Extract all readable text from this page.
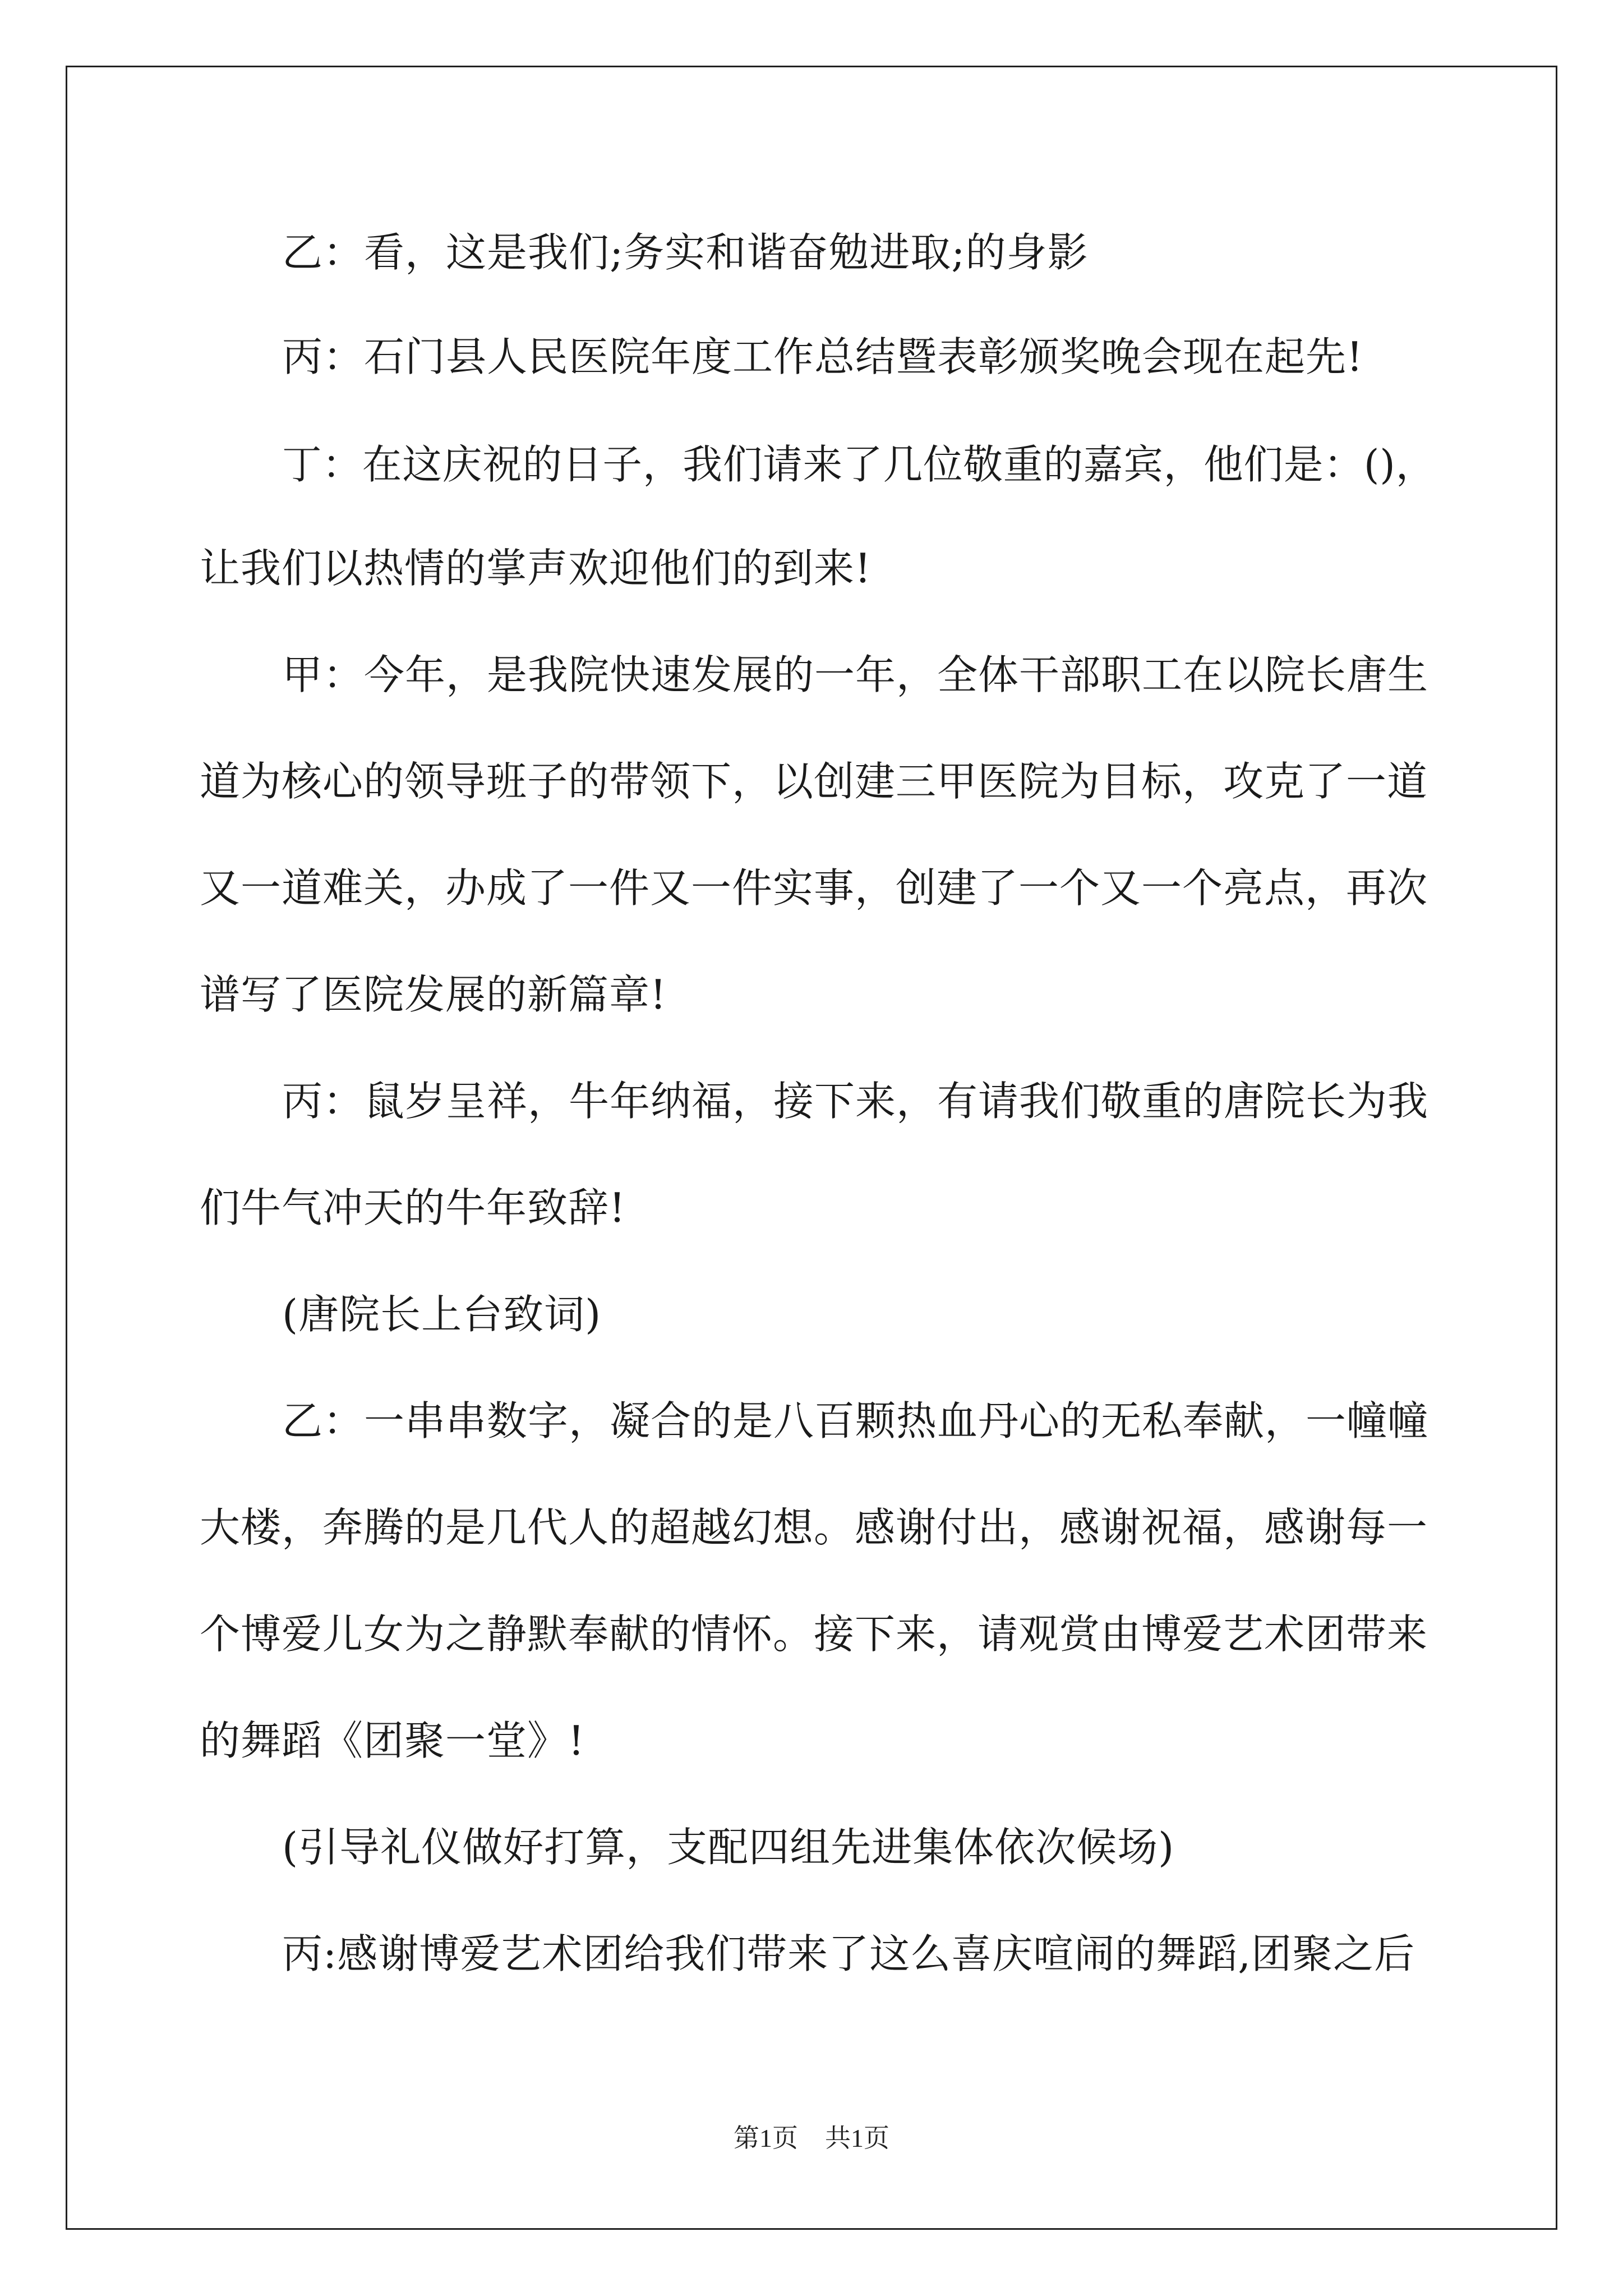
乙：看，这是我们;务实和谐奋勉进取;的身影
丙：石门县人民医院年度工作总结暨表彰颁奖晚会现在起先!
丁：在这庆祝的日子，我们请来了几位敬重的嘉宾，他们是：()，
让我们以热情的掌声欢迎他们的到来!
甲：今年，是我院快速发展的一年，全体干部职工在以院长唐生
道为核心的领导班子的带领下，以创建三甲医院为目标，攻克了一道
又一道难关，办成了一件又一件实事，创建了一个又一个亮点，再次
谱写了医院发展的新篇章!
丙：鼠岁呈祥，牛年纳福，接下来，有请我们敬重的唐院长为我
们牛气冲天的牛年致辞!
(唐院长上台致词)
乙：一串串数字，凝合的是八百颗热血丹心的无私奉献，一幢幢
大楼，奔腾的是几代人的超越幻想。感谢付出，感谢祝福，感谢每一
个博爱儿女为之静默奉献的情怀。接下来，请观赏由博爱艺术团带来
的舞蹈《团聚一堂》!
(引导礼仪做好打算，支配四组先进集体依次候场)
丙:感谢博爱艺术团给我们带来了这么喜庆喧闹的舞蹈,团聚之后
第1页 共1页
